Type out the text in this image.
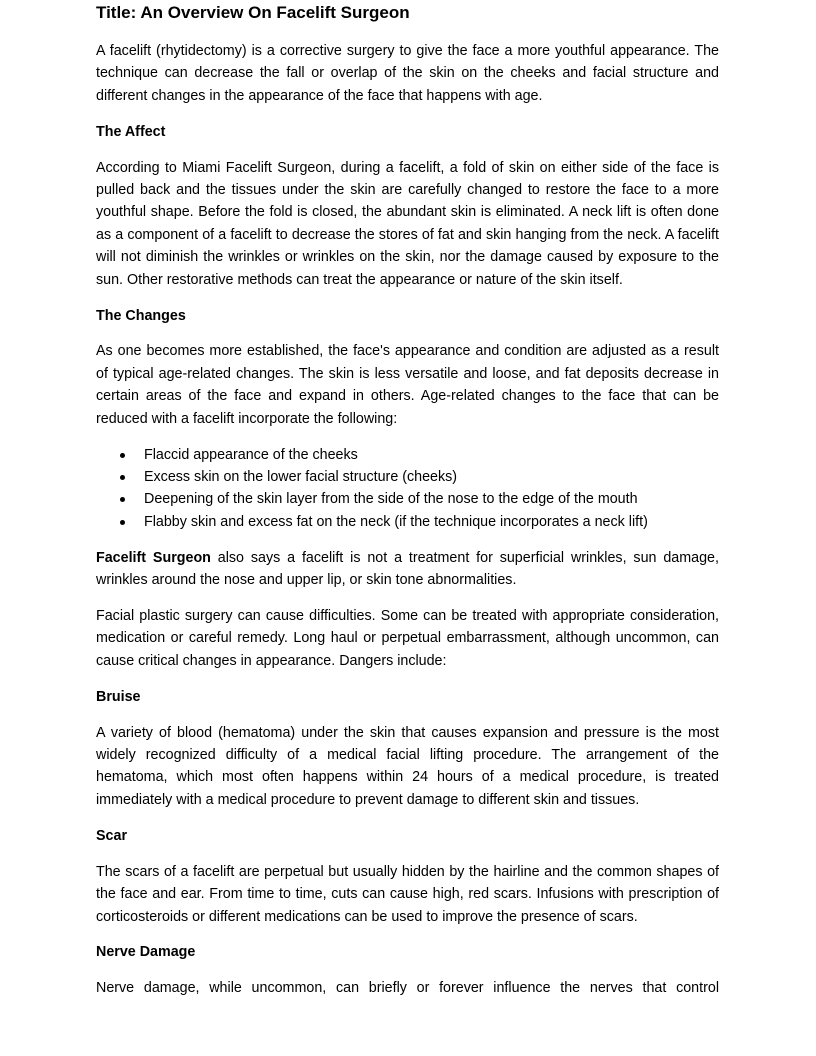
Title: An Overview On Facelift Surgeon

A facelift (rhytidectomy) is a corrective surgery to give the face a more youthful appearance. The technique can decrease the fall or overlap of the skin on the cheeks and facial structure and different changes in the appearance of the face that happens with age.

The Affect

According to Miami Facelift Surgeon, during a facelift, a fold of skin on either side of the face is pulled back and the tissues under the skin are carefully changed to restore the face to a more youthful shape. Before the fold is closed, the abundant skin is eliminated. A neck lift is often done as a component of a facelift to decrease the stores of fat and skin hanging from the neck. A facelift will not diminish the wrinkles or wrinkles on the skin, nor the damage caused by exposure to the sun. Other restorative methods can treat the appearance or nature of the skin itself.

The Changes

As one becomes more established, the face's appearance and condition are adjusted as a result of typical age-related changes. The skin is less versatile and loose, and fat deposits decrease in certain areas of the face and expand in others. Age-related changes to the face that can be reduced with a facelift incorporate the following:

Flaccid appearance of the cheeks
Excess skin on the lower facial structure (cheeks)
Deepening of the skin layer from the side of the nose to the edge of the mouth
Flabby skin and excess fat on the neck (if the technique incorporates a neck lift)

Facelift Surgeon also says a facelift is not a treatment for superficial wrinkles, sun damage, wrinkles around the nose and upper lip, or skin tone abnormalities.

Facial plastic surgery can cause difficulties. Some can be treated with appropriate consideration, medication or careful remedy. Long haul or perpetual embarrassment, although uncommon, can cause critical changes in appearance. Dangers include:

Bruise

A variety of blood (hematoma) under the skin that causes expansion and pressure is the most widely recognized difficulty of a medical facial lifting procedure. The arrangement of the hematoma, which most often happens within 24 hours of a medical procedure, is treated immediately with a medical procedure to prevent damage to different skin and tissues.

Scar

The scars of a facelift are perpetual but usually hidden by the hairline and the common shapes of the face and ear. From time to time, cuts can cause high, red scars. Infusions with prescription of corticosteroids or different medications can be used to improve the presence of scars.

Nerve Damage

Nerve damage, while uncommon, can briefly or forever influence the nerves that control
